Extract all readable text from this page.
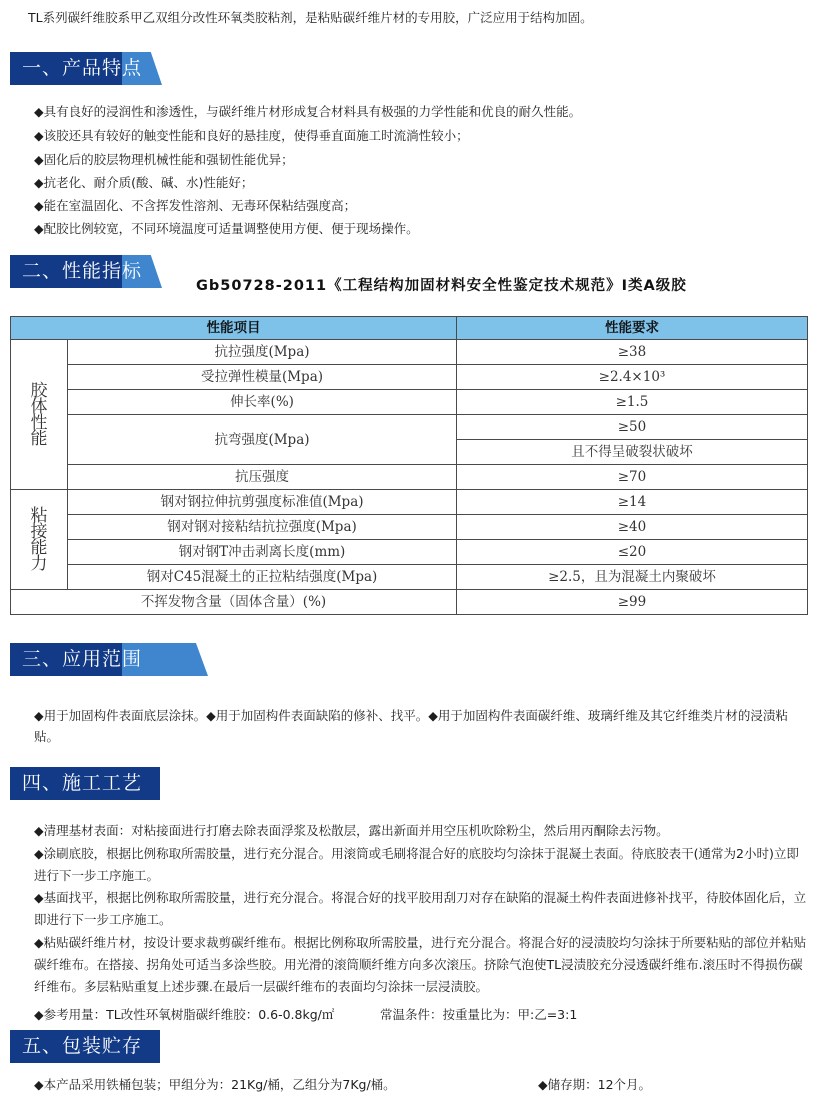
TL系列碳纤维胶系甲乙双组分改性环氧类胶粘剂，是粘贴碳纤维片材的专用胶，广泛应用于结构加固。
一、产品特点
◆具有良好的浸润性和渗透性，与碳纤维片材形成复合材料具有极强的力学性能和优良的耐久性能。
◆该胶还具有较好的触变性能和良好的悬挂度，使得垂直面施工时流淌性较小；
◆固化后的胶层物理机械性能和强韧性能优异；
◆抗老化、耐介质(酸、碱、水)性能好；
◆能在室温固化、不含挥发性溶剂、无毒环保粘结强度高；
◆配胶比例较宽，不同环境温度可适量调整使用方便、便于现场操作。
二、性能指标
Gb50728-2011《工程结构加固材料安全性鉴定技术规范》I类A级胶
性能项目		性能要求

胶
体
性
能	抗拉强度(Mpa)	≥38
	受拉弹性模量(Mpa)	≥2.4×10³
	伸长率(%)	≥1.5
	抗弯强度(Mpa)	≥50
		且不得呈破裂状破坏
	抗压强度	≥70

粘
接
能
力	钢对钢拉伸抗剪强度标准值(Mpa)	≥14
	钢对钢对接粘结抗拉强度(Mpa)	≥40
	钢对钢T冲击剥离长度(mm)	≤20
	钢对C45混凝土的正拉粘结强度(Mpa)	≥2.5，且为混凝土内聚破坏
不挥发物含量（固体含量）(%)		≥99
三、应用范围
◆用于加固构件表面底层涂抹。◆用于加固构件表面缺陷的修补、找平。◆用于加固构件表面碳纤维、玻璃纤维及其它纤维类片材的浸渍粘贴。
四、施工工艺
◆清理基材表面：对粘接面进行打磨去除表面浮浆及松散层，露出新面并用空压机吹除粉尘，然后用丙酮除去污物。
◆涂刷底胶，根据比例称取所需胶量，进行充分混合。用滚筒或毛刷将混合好的底胶均匀涂抹于混凝土表面。待底胶表干(通常为2小时)立即进行下一步工序施工。
◆基面找平，根据比例称取所需胶量，进行充分混合。将混合好的找平胶用刮刀对存在缺陷的混凝土构件表面进修补找平，待胶体固化后，立即进行下一步工序施工。
◆粘贴碳纤维片材，按设计要求裁剪碳纤维布。根据比例称取所需胶量，进行充分混合。将混合好的浸渍胶均匀涂抹于所要粘贴的部位并粘贴碳纤维布。在搭接、拐角处可适当多涂些胶。用光滑的滚筒顺纤维方向多次滚压。挤除气泡使TL浸渍胶充分浸透碳纤维布.滚压时不得损伤碳纤维布。多层粘贴重复上述步骤.在最后一层碳纤维布的表面均匀涂抹一层浸渍胶。
◆参考用量：TL改性环氧树脂碳纤维胶：0.6-0.8kg/㎡	常温条件：按重量比为：甲:乙=3:1
五、包装贮存
◆本产品采用铁桶包装；甲组分为：21Kg/桶，乙组分为7Kg/桶。	◆储存期：12个月。
